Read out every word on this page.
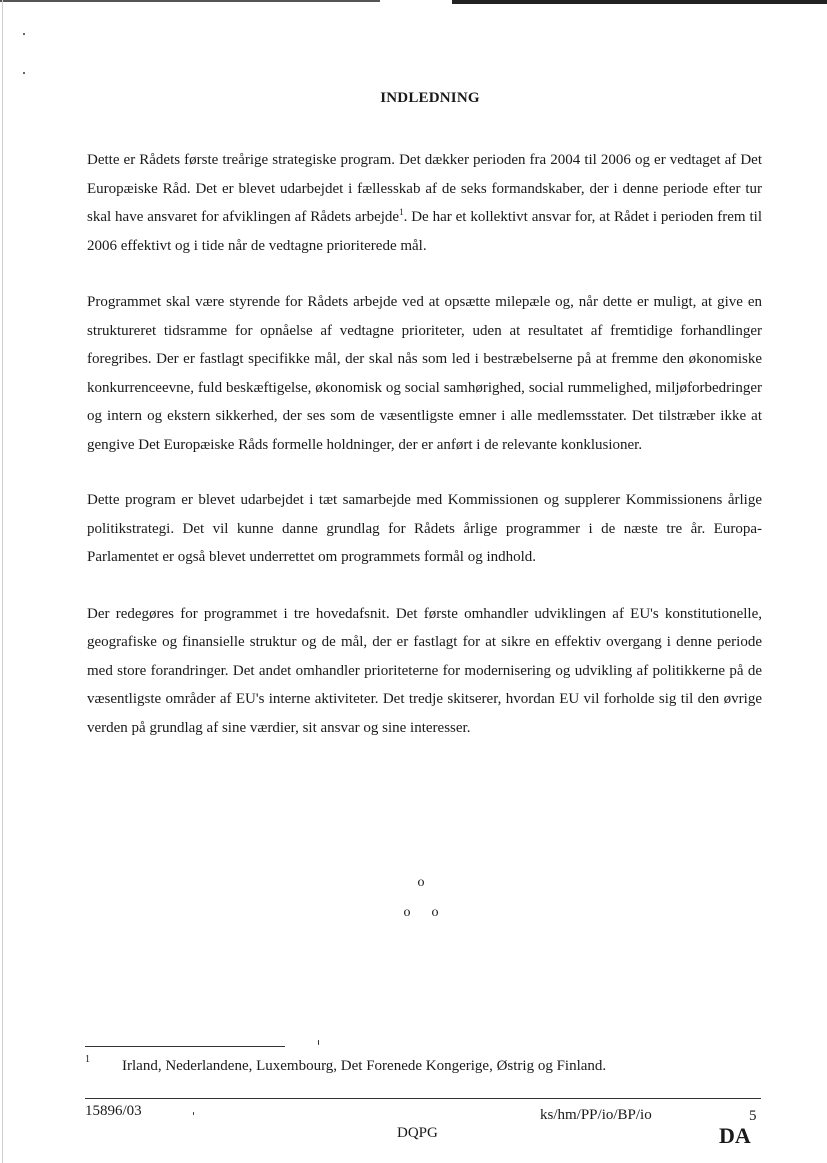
INDLEDNING

Dette er Rådets første treårige strategiske program. Det dækker perioden fra 2004 til 2006 og er vedtaget af Det Europæiske Råd. Det er blevet udarbejdet i fællesskab af de seks formandskaber, der i denne periode efter tur skal have ansvaret for afviklingen af Rådets arbejde$^1$. De har et kollektivt ansvar for, at Rådet i perioden frem til 2006 effektivt og i tide når de vedtagne prioriterede mål.

Programmet skal være styrende for Rådets arbejde ved at opsætte milepæle og, når dette er muligt, at give en struktureret tidsramme for opnåelse af vedtagne prioriteter, uden at resultatet af fremtidige forhandlinger foregribes. Der er fastlagt specifikke mål, der skal nås som led i bestræbelserne på at fremme den økonomiske konkurrenceevne, fuld beskæftigelse, økonomisk og social samhørighed, social rummelighed, miljøforbedringer og intern og ekstern sikkerhed, der ses som de væsentligste emner i alle medlemsstater. Det tilstræber ikke at gengive Det Europæiske Råds formelle holdninger, der er anført i de relevante konklusioner.

Dette program er blevet udarbejdet i tæt samarbejde med Kommissionen og supplerer Kommissionens årlige politikstrategi. Det vil kunne danne grundlag for Rådets årlige programmer i de næste tre år. Europa-Parlamentet er også blevet underrettet om programmets formål og indhold.

Der redegøres for programmet i tre hovedafsnit. Det første omhandler udviklingen af EU's konstitutionelle, geografiske og finansielle struktur og de mål, der er fastlagt for at sikre en effektiv overgang i denne periode med store forandringer. Det andet omhandler prioriteterne for modernisering og udvikling af politikkerne på de væsentligste områder af EU's interne aktiviteter. Det tredje skitserer, hvordan EU vil forholde sig til den øvrige verden på grundlag af sine værdier, sit ansvar og sine interesser.

o
o      o
1 Irland, Nederlandene, Luxembourg, Det Forenede Kongerige, Østrig og Finland.
15896/03	ks/hm/PP/io/BP/io	5
DQPG	DA
